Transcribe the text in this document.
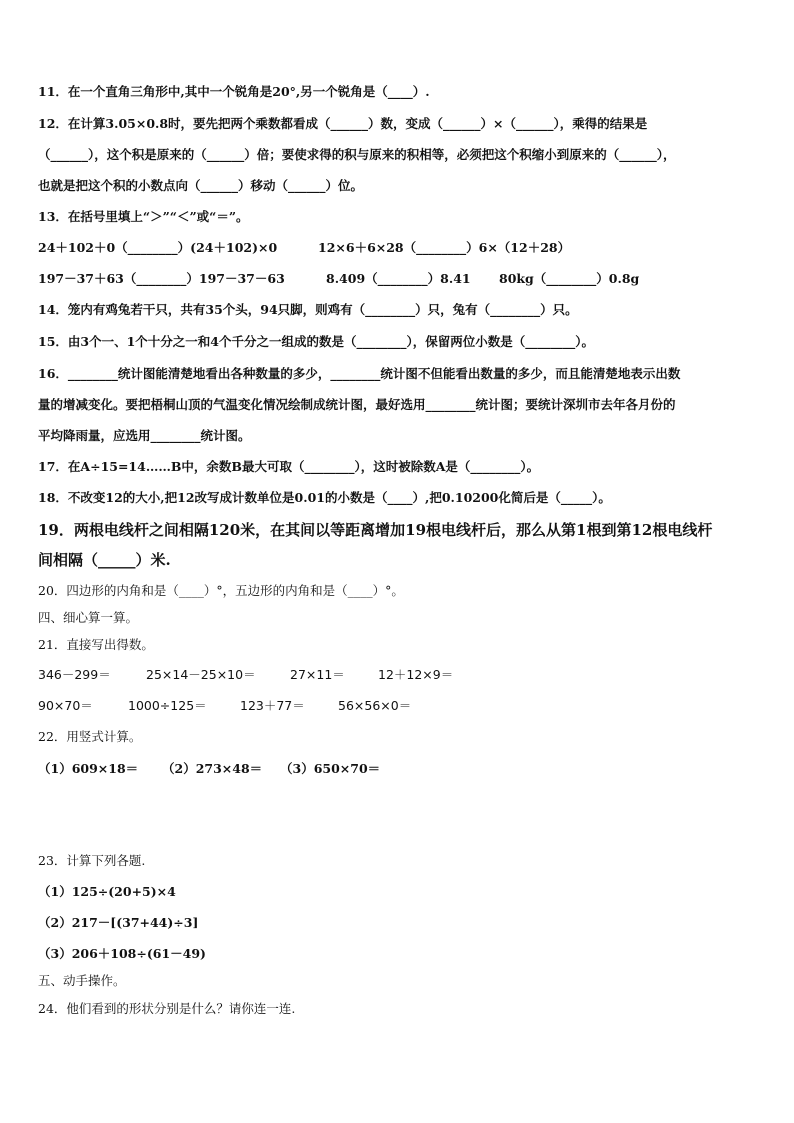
11．在一个直角三角形中,其中一个锐角是20°,另一个锐角是（____）.
12．在计算3.05×0.8时，要先把两个乘数都看成（______）数，变成（______）×（______），乘得的结果是
（______），这个积是原来的（______）倍；要使求得的积与原来的积相等，必须把这个积缩小到原来的（______），
也就是把这个积的小数点向（______）移动（______）位。
13．在括号里填上“＞”“＜”或“＝”。

24＋102＋0（________）(24＋102)×0

	12×6＋6×28（________）6×（12＋28）

197－37＋63（________）197－37－63

	8.409（________）8.41

80kg（________）0.8g

14．笼内有鸡兔若干只，共有35个头，94只脚，则鸡有（________）只，兔有（________）只。
15．由3个一、1个十分之一和4个千分之一组成的数是（________），保留两位小数是（________）。
16．________统计图能清楚地看出各种数量的多少，________统计图不但能看出数量的多少，而且能清楚地表示出数
量的增减变化。要把梧桐山顶的气温变化情况绘制成统计图，最好选用________统计图；要统计深圳市去年各月份的
平均降雨量，应选用________统计图。
17．在A÷15=14……B中，余数B最大可取（________），这时被除数A是（________）。
18．不改变12的大小,把12改写成计数单位是0.01的小数是（____）,把0.10200化简后是（_____）。
19．两根电线杆之间相隔120米，在其间以等距离增加19根电线杆后，那么从第1根到第12根电线杆
间相隔（_____）米.
20．四边形的内角和是（____）°，五边形的内角和是（____）°。
四、细心算一算。
21．直接写出得数。

346－299＝

	25×14－25×10＝

	27×11＝

	12＋12×9＝

90×70＝

	1000÷125＝

	123＋77＝

	56×56×0＝

22．用竖式计算。

（1）609×18＝

（2）273×48＝

（3）650×70＝

23．计算下列各题.
（1）125÷(20+5)×4
（2）217－[(37+44)÷3]
（3）206＋108÷(61－49)
五、动手操作。
24．他们看到的形状分别是什么？请你连一连.
